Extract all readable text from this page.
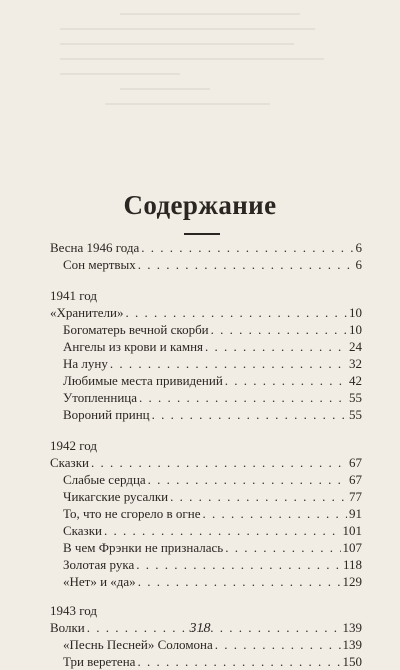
Содержание
Весна 1946 года . . .	6
Сон мертвых . . .	6
1941 год
«Хранители» . . .	10
Богоматерь вечной скорби . . .	10
Ангелы из крови и камня . . .	24
На луну . . .	32
Любимые места привидений . . .	42
Утопленница . . .	55
Вороний принц . . .	55
1942 год
Сказки . . .	67
Слабые сердца . . .	67
Чикагские русалки . . .	77
То, что не сгорело в огне . . .	91
Сказки . . .	101
В чем Фрэнки не призналась . . .	107
Золотая рука . . .	118
«Нет» и «да» . . .	129
1943 год
Волки . . .	139
«Песнь Песней» Соломона . . .	139
Три веретена . . .	150
318
